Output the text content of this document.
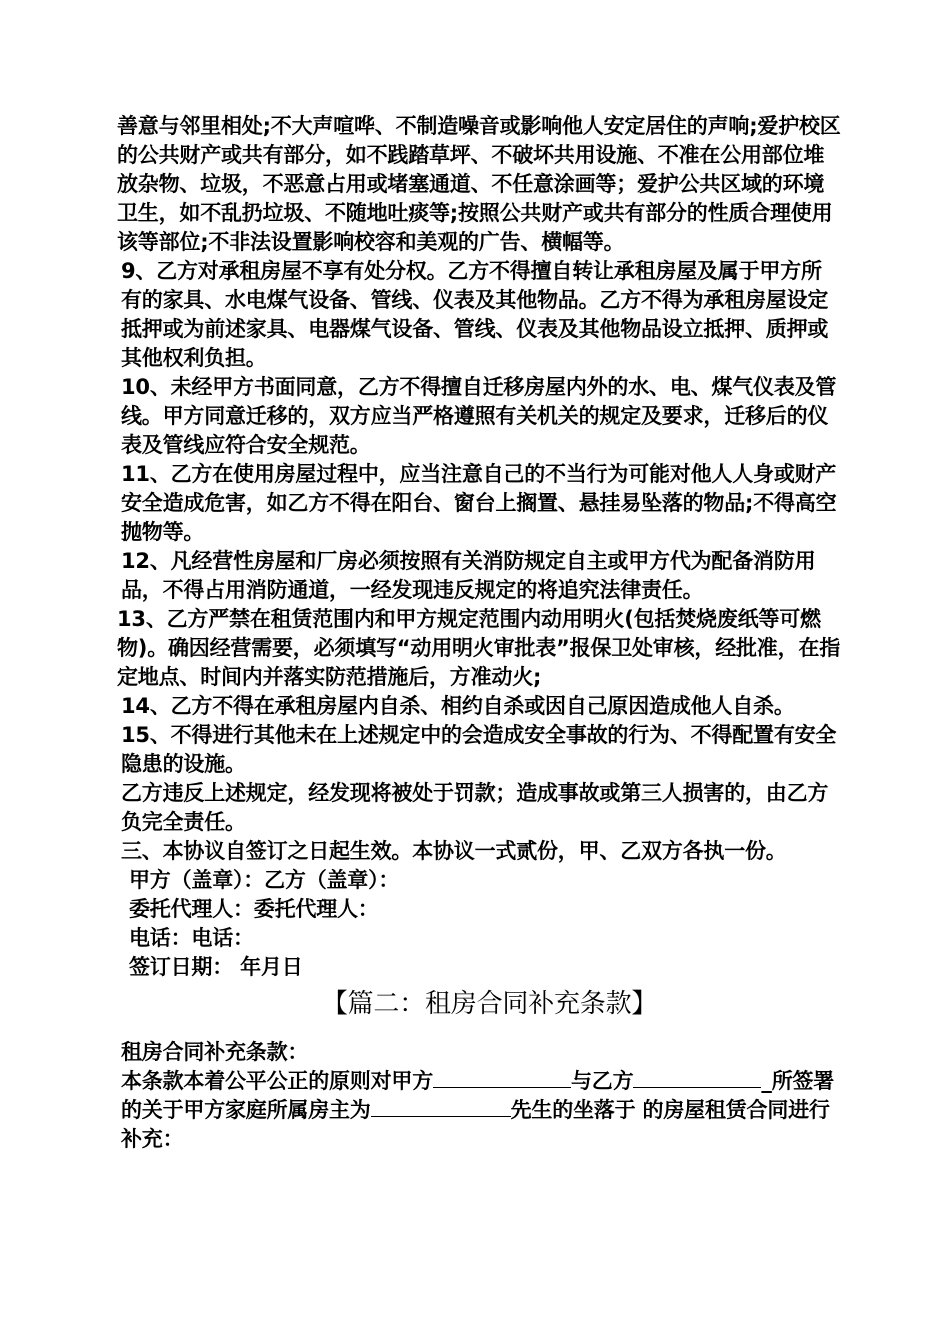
善意与邻里相处;不大声喧哗、不制造噪音或影响他人安定居住的声响;爱护校区的公共财产或共有部分，如不践踏草坪、不破坏共用设施、不准在公用部位堆放杂物、垃圾，不恶意占用或堵塞通道、不任意涂画等；爱护公共区域的环境卫生，如不乱扔垃圾、不随地吐痰等;按照公共财产或共有部分的性质合理使用该等部位;不非法设置影响校容和美观的广告、横幅等。

9、乙方对承租房屋不享有处分权。乙方不得擅自转让承租房屋及属于甲方所有的家具、水电煤气设备、管线、仪表及其他物品。乙方不得为承租房屋设定抵押或为前述家具、电器煤气设备、管线、仪表及其他物品设立抵押、质押或其他权利负担。

10、未经甲方书面同意，乙方不得擅自迁移房屋内外的水、电、煤气仪表及管线。甲方同意迁移的，双方应当严格遵照有关机关的规定及要求，迁移后的仪表及管线应符合安全规范。

11、乙方在使用房屋过程中，应当注意自己的不当行为可能对他人人身或财产安全造成危害，如乙方不得在阳台、窗台上搁置、悬挂易坠落的物品;不得高空抛物等。

12、凡经营性房屋和厂房必须按照有关消防规定自主或甲方代为配备消防用品，不得占用消防通道，一经发现违反规定的将追究法律责任。

13、乙方严禁在租赁范围内和甲方规定范围内动用明火(包括焚烧废纸等可燃物)。确因经营需要，必须填写“动用明火审批表”报保卫处审核，经批准，在指定地点、时间内并落实防范措施后，方准动火;

14、乙方不得在承租房屋内自杀、相约自杀或因自己原因造成他人自杀。

15、不得进行其他未在上述规定中的会造成安全事故的行为、不得配置有安全隐患的设施。

乙方违反上述规定，经发现将被处于罚款；造成事故或第三人损害的，由乙方负完全责任。

三、本协议自签订之日起生效。本协议一式贰份，甲、乙双方各执一份。

甲方（盖章）：乙方（盖章）：

委托代理人：委托代理人：

电话：电话：

签订日期： 年月日

【篇二：租房合同补充条款】

租房合同补充条款：

本条款本着公平公正的原则对甲方	与乙方	_所签署的关于甲方家庭所属房主为	先生的坐落于 的房屋租赁合同进行补充：
